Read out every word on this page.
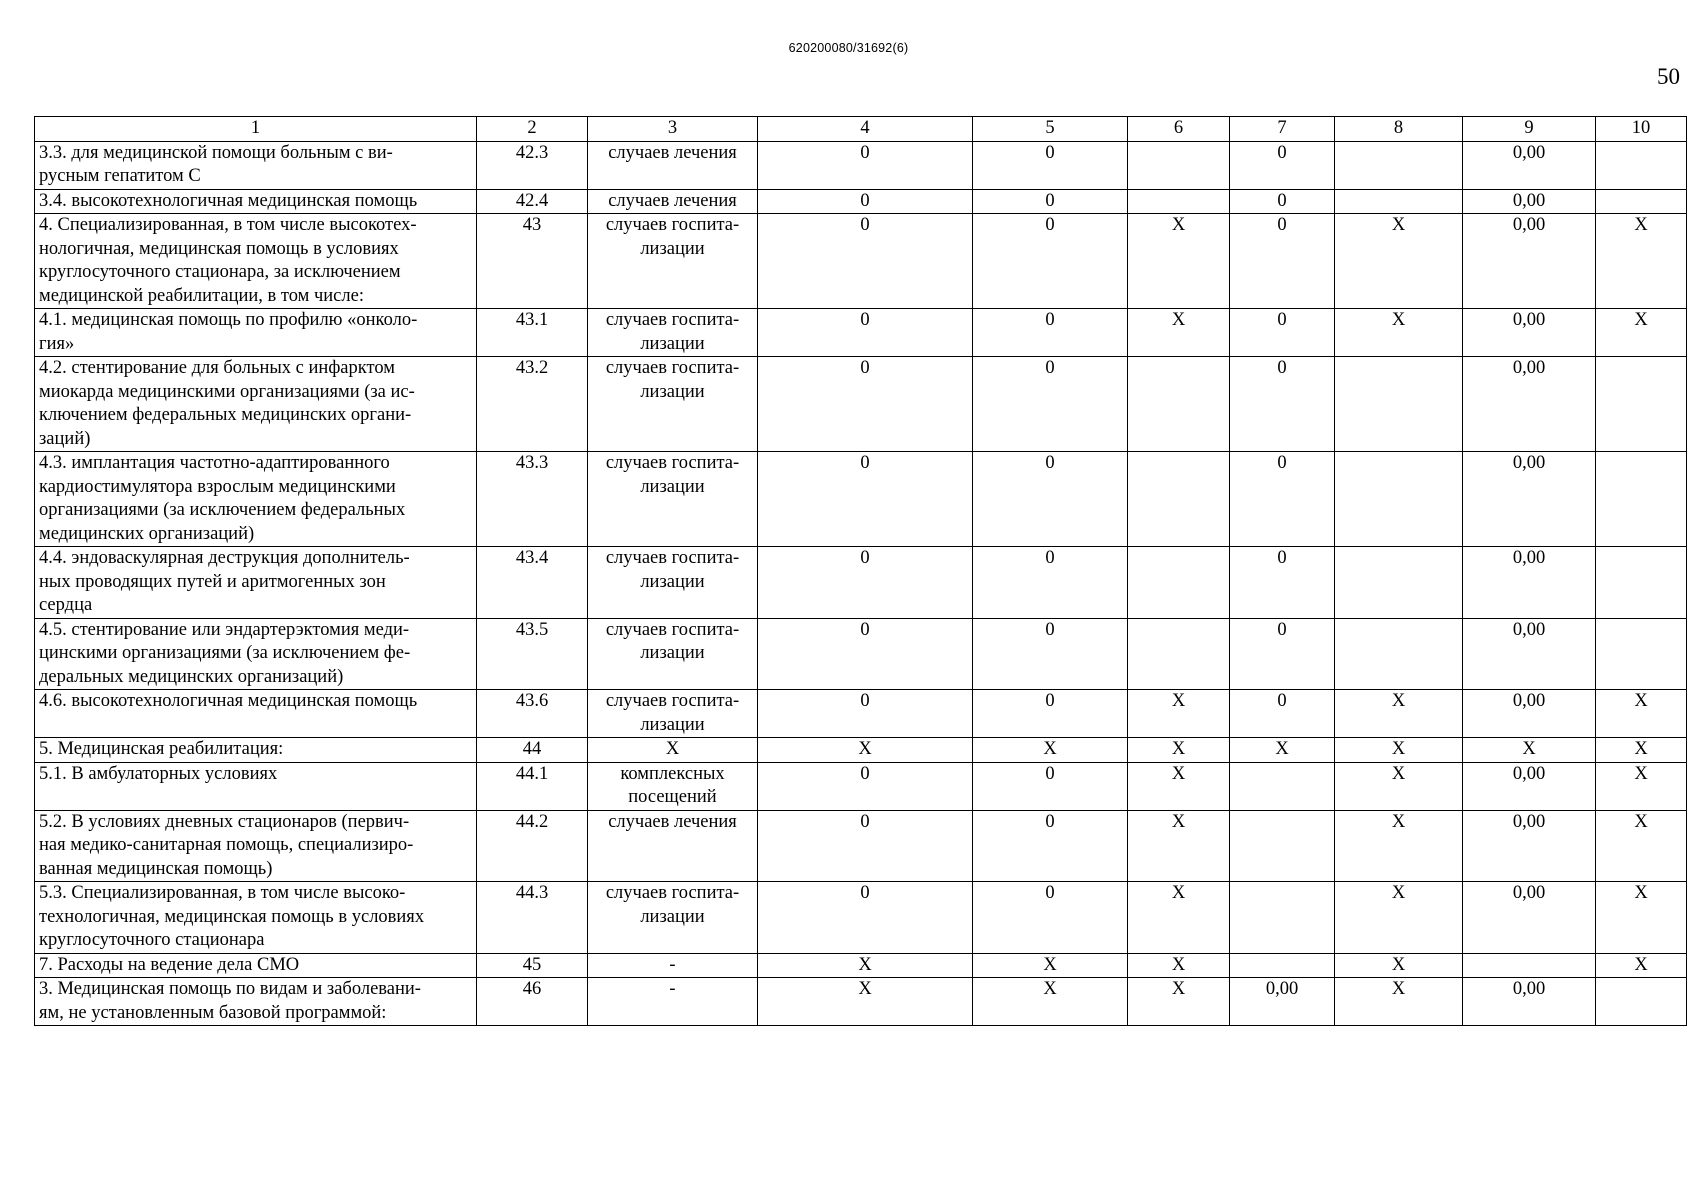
620200080/31692(6)
50
1	2	3	4	5	6	7	8	9	10

3.3. для медицинской помощи больным с ви-
русным гепатитом С	42.3	случаев лечения	0	0		0		0,00	

3.4. высокотехнологичная медицинская помощь	42.4	случаев лечения	0	0		0		0,00	

4. Специализированная, в том числе высокотех-
нологичная, медицинская помощь в условиях
круглосуточного стационара, за исключением
медицинской реабилитации, в том числе:	43	случаев госпита-
лизации	0	0	X	0	X	0,00	X

4.1. медицинская помощь по профилю «онколо-
гия»	43.1	случаев госпита-
лизации	0	0	X	0	X	0,00	X

4.2. стентирование для больных с инфарктом
миокарда медицинскими организациями (за ис-
ключением федеральных медицинских органи-
заций)	43.2	случаев госпита-
лизации	0	0		0		0,00	

4.3. имплантация частотно-адаптированного
кардиостимулятора взрослым медицинскими
организациями (за исключением федеральных
медицинских организаций)	43.3	случаев госпита-
лизации	0	0		0		0,00	

4.4. эндоваскулярная деструкция дополнитель-
ных проводящих путей и аритмогенных зон
сердца	43.4	случаев госпита-
лизации	0	0		0		0,00	

4.5. стентирование или эндартерэктомия меди-
цинскими организациями (за исключением фе-
деральных медицинских организаций)	43.5	случаев госпита-
лизации	0	0		0		0,00	

4.6. высокотехнологичная медицинская помощь	43.6	случаев госпита-
лизации	0	0	X	0	X	0,00	X

5. Медицинская реабилитация:	44	X	X	X	X	X	X	X	X

5.1. В амбулаторных условиях	44.1	комплексных
посещений	0	0	X		X	0,00	X

5.2. В условиях дневных стационаров (первич-
ная медико-санитарная помощь, специализиро-
ванная медицинская помощь)	44.2	случаев лечения	0	0	X		X	0,00	X

5.3. Специализированная, в том числе высоко-
технологичная, медицинская помощь в условиях
круглосуточного стационара	44.3	случаев госпита-
лизации	0	0	X		X	0,00	X

7. Расходы на ведение дела СМО	45	-	X	X	X		X		X

3. Медицинская помощь по видам и заболевани-
ям, не установленным базовой программой:	46	-	X	X	X	0,00	X	0,00	
